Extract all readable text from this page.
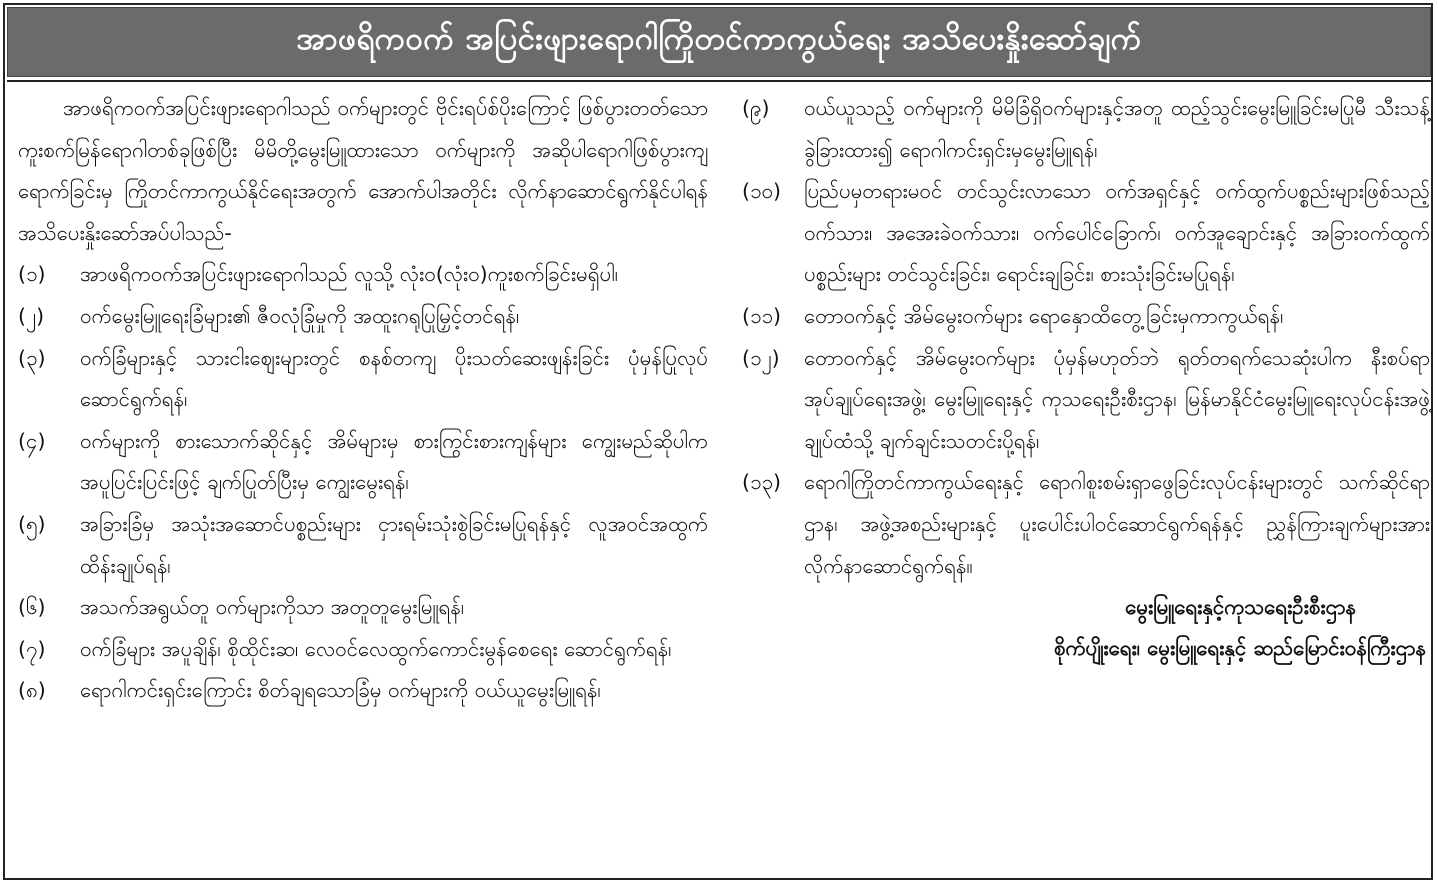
အာဖရိကဝက် အပြင်းဖျားရောဂါကြိုတင်ကာကွယ်ရေး အသိပေးနှိုးဆော်ချက်

အာဖရိကဝက်အပြင်းဖျားရောဂါသည် ဝက်များတွင် ဗိုင်းရပ်စ်ပိုးကြောင့် ဖြစ်ပွားတတ်သော ကူးစက်မြန်ရောဂါတစ်ခုဖြစ်ပြီး မိမိတို့မွေးမြူထားသော ဝက်များကို အဆိုပါရောဂါဖြစ်ပွားကျရောက်ခြင်းမှ ကြိုတင်ကာကွယ်နိုင်ရေးအတွက် အောက်ပါအတိုင်း လိုက်နာဆောင်ရွက်နိုင်ပါရန် အသိပေးနှိုးဆော်အပ်ပါသည်-

(၁)	အာဖရိကဝက်အပြင်းဖျားရောဂါသည် လူသို့ လုံးဝ(လုံးဝ)ကူးစက်ခြင်းမရှိပါ၊
(၂)	ဝက်မွေးမြူရေးခြံများ၏ ဇီဝလုံခြုံမှုကို အထူးဂရုပြုမြှင့်တင်ရန်၊
(၃)	ဝက်ခြံများနှင့် သားငါးဈေးများတွင် စနစ်တကျ ပိုးသတ်ဆေးဖျန်းခြင်း ပုံမှန်ပြုလုပ်ဆောင်ရွက်ရန်၊
(၄)	ဝက်များကို စားသောက်ဆိုင်နှင့် အိမ်များမှ စားကြွင်းစားကျန်များ ကျွေးမည်ဆိုပါက အပူပြင်းပြင်းဖြင့် ချက်ပြုတ်ပြီးမှ ကျွေးမွေးရန်၊
(၅)	အခြားခြံမှ အသုံးအဆောင်ပစ္စည်းများ ငှားရမ်းသုံးစွဲခြင်းမပြုရန်နှင့် လူအဝင်အထွက် ထိန်းချုပ်ရန်၊
(၆)	အသက်အရွယ်တူ ဝက်များကိုသာ အတူတူမွေးမြူရန်၊
(၇)	ဝက်ခြံများ အပူချိန်၊ စိုထိုင်းဆ၊ လေဝင်လေထွက်ကောင်းမွန်စေရေး ဆောင်ရွက်ရန်၊
(၈)	ရောဂါကင်းရှင်းကြောင်း စိတ်ချရသောခြံမှ ဝက်များကို ဝယ်ယူမွေးမြူရန်၊
(၉)	ဝယ်ယူသည့် ဝက်များကို မိမိခြံရှိဝက်များနှင့်အတူ ထည့်သွင်းမွေးမြူခြင်းမပြုမီ သီးသန့်ခွဲခြားထား၍ ရောဂါကင်းရှင်းမှမွေးမြူရန်၊
(၁၀)	ပြည်ပမှတရားမဝင် တင်သွင်းလာသော ဝက်အရှင်နှင့် ဝက်ထွက်ပစ္စည်းများဖြစ်သည့် ဝက်သား၊ အအေးခဲဝက်သား၊ ဝက်ပေါင်ခြောက်၊ ဝက်အူချောင်းနှင့် အခြားဝက်ထွက်ပစ္စည်းများ တင်သွင်းခြင်း၊ ရောင်းချခြင်း၊ စားသုံးခြင်းမပြုရန်၊
(၁၁)	တောဝက်နှင့် အိမ်မွေးဝက်များ ရောနှောထိတွေ့ခြင်းမှကာကွယ်ရန်၊
(၁၂)	တောဝက်နှင့် အိမ်မွေးဝက်များ ပုံမှန်မဟုတ်ဘဲ ရုတ်တရက်သေဆုံးပါက နီးစပ်ရာ အုပ်ချုပ်ရေးအဖွဲ့၊ မွေးမြူရေးနှင့် ကုသရေးဦးစီးဌာန၊ မြန်မာနိုင်ငံမွေးမြူရေးလုပ်ငန်းအဖွဲ့ချုပ်ထံသို့ ချက်ချင်းသတင်းပို့ရန်၊
(၁၃)	ရောဂါကြိုတင်ကာကွယ်ရေးနှင့် ရောဂါစူးစမ်းရှာဖွေခြင်းလုပ်ငန်းများတွင် သက်ဆိုင်ရာဌာန၊ အဖွဲ့အစည်းများနှင့် ပူးပေါင်းပါဝင်ဆောင်ရွက်ရန်နှင့် ညွှန်ကြားချက်များအား လိုက်နာဆောင်ရွက်ရန်။
မွေးမြူရေးနှင့်ကုသရေးဦးစီးဌာန
စိုက်ပျိုးရေး၊ မွေးမြူရေးနှင့် ဆည်မြောင်းဝန်ကြီးဌာန
